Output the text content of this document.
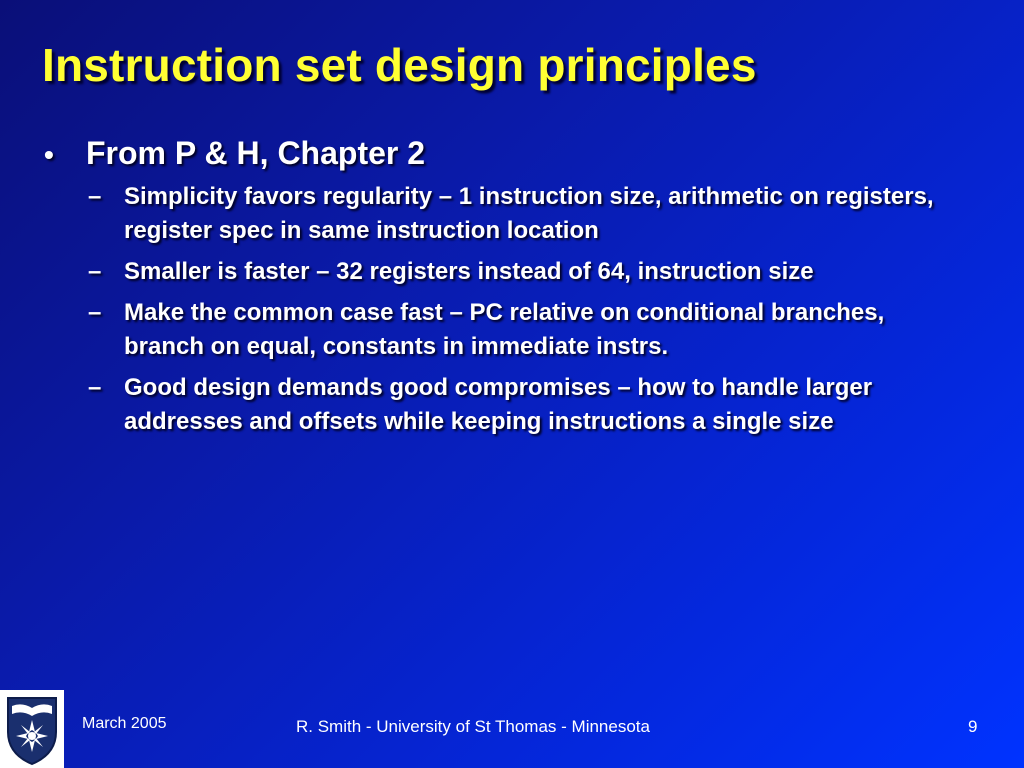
Instruction set design principles
•	From P & H, Chapter 2
– Simplicity favors regularity – 1 instruction size, arithmetic on registers, register spec in same instruction location
– Smaller is faster – 32 registers instead of 64, instruction size
– Make the common case fast – PC relative on conditional branches, branch on equal, constants in immediate instrs.
– Good design demands good compromises – how to handle larger addresses and offsets while keeping instructions a single size
March 2005	R. Smith - University of St Thomas - Minnesota	9
